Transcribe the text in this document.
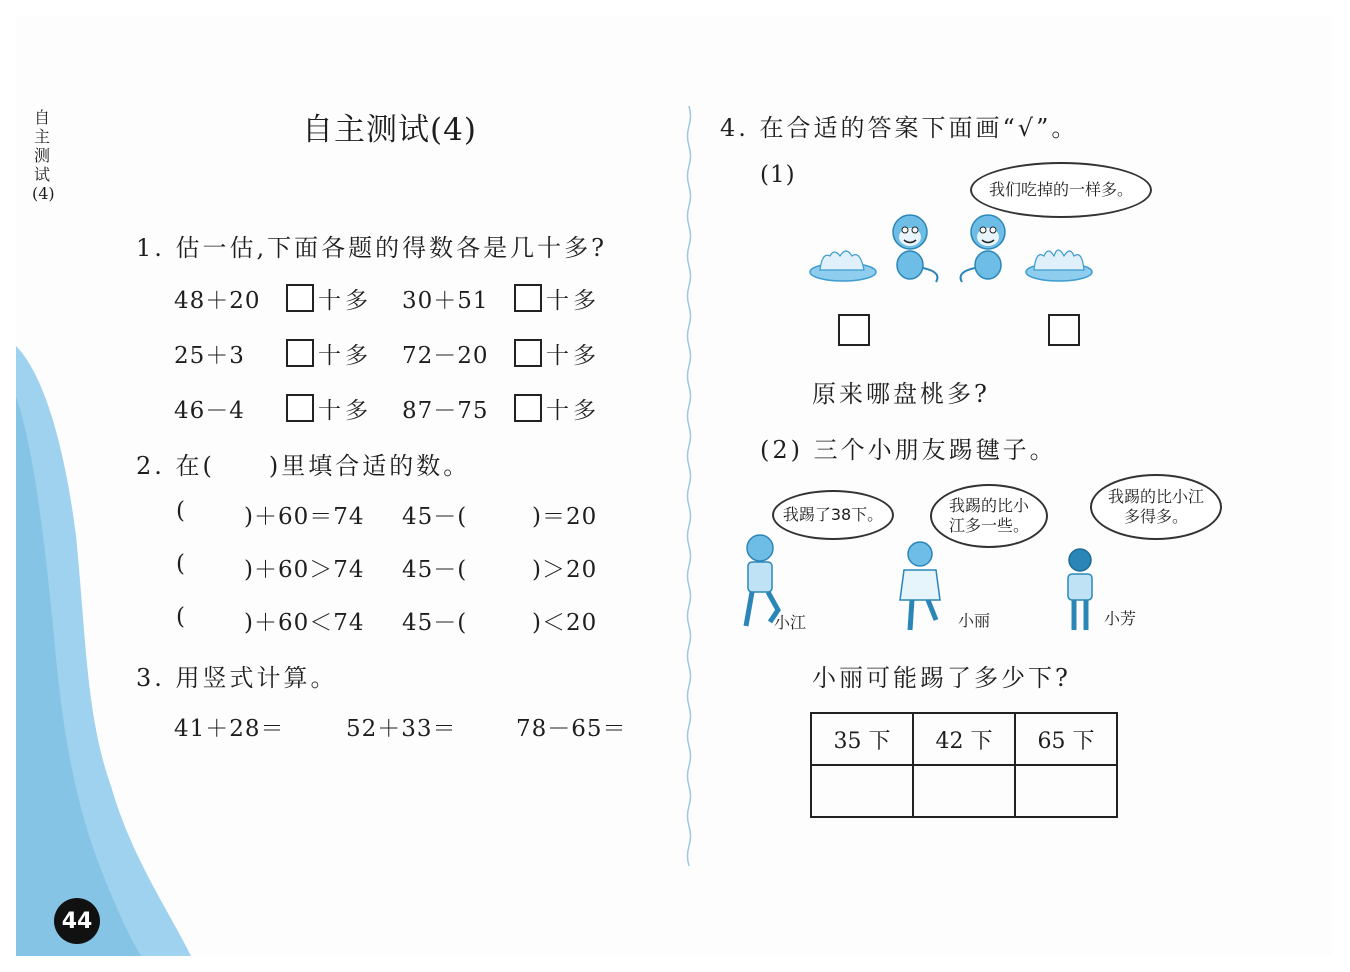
自主测试(4)
自主测试(4)
1. 估一估,下面各题的得数各是几十多?
48＋20 十多 30＋51 十多
25＋3	十多 72－20 十多
46－4	十多 87－75 十多
2. 在(　　)里填合适的数。
(	)＋60＝74 45－(	)＝20
(	)＋60＞74 45－(	)＞20
(	)＋60＜74 45－(	)＜20
3. 用竖式计算。
41＋28＝	52＋33＝	78－65＝
4. 在合适的答案下面画“√”。
(1)
我们吃掉的一样多。
原来哪盘桃多?
(2) 三个小朋友踢毽子。
我踢了38下。	我踢的比小江多一些。
我踢的比小江多得多。
小江	小丽	小芳
小丽可能踢了多少下?
35 下	42 下	65 下

44
